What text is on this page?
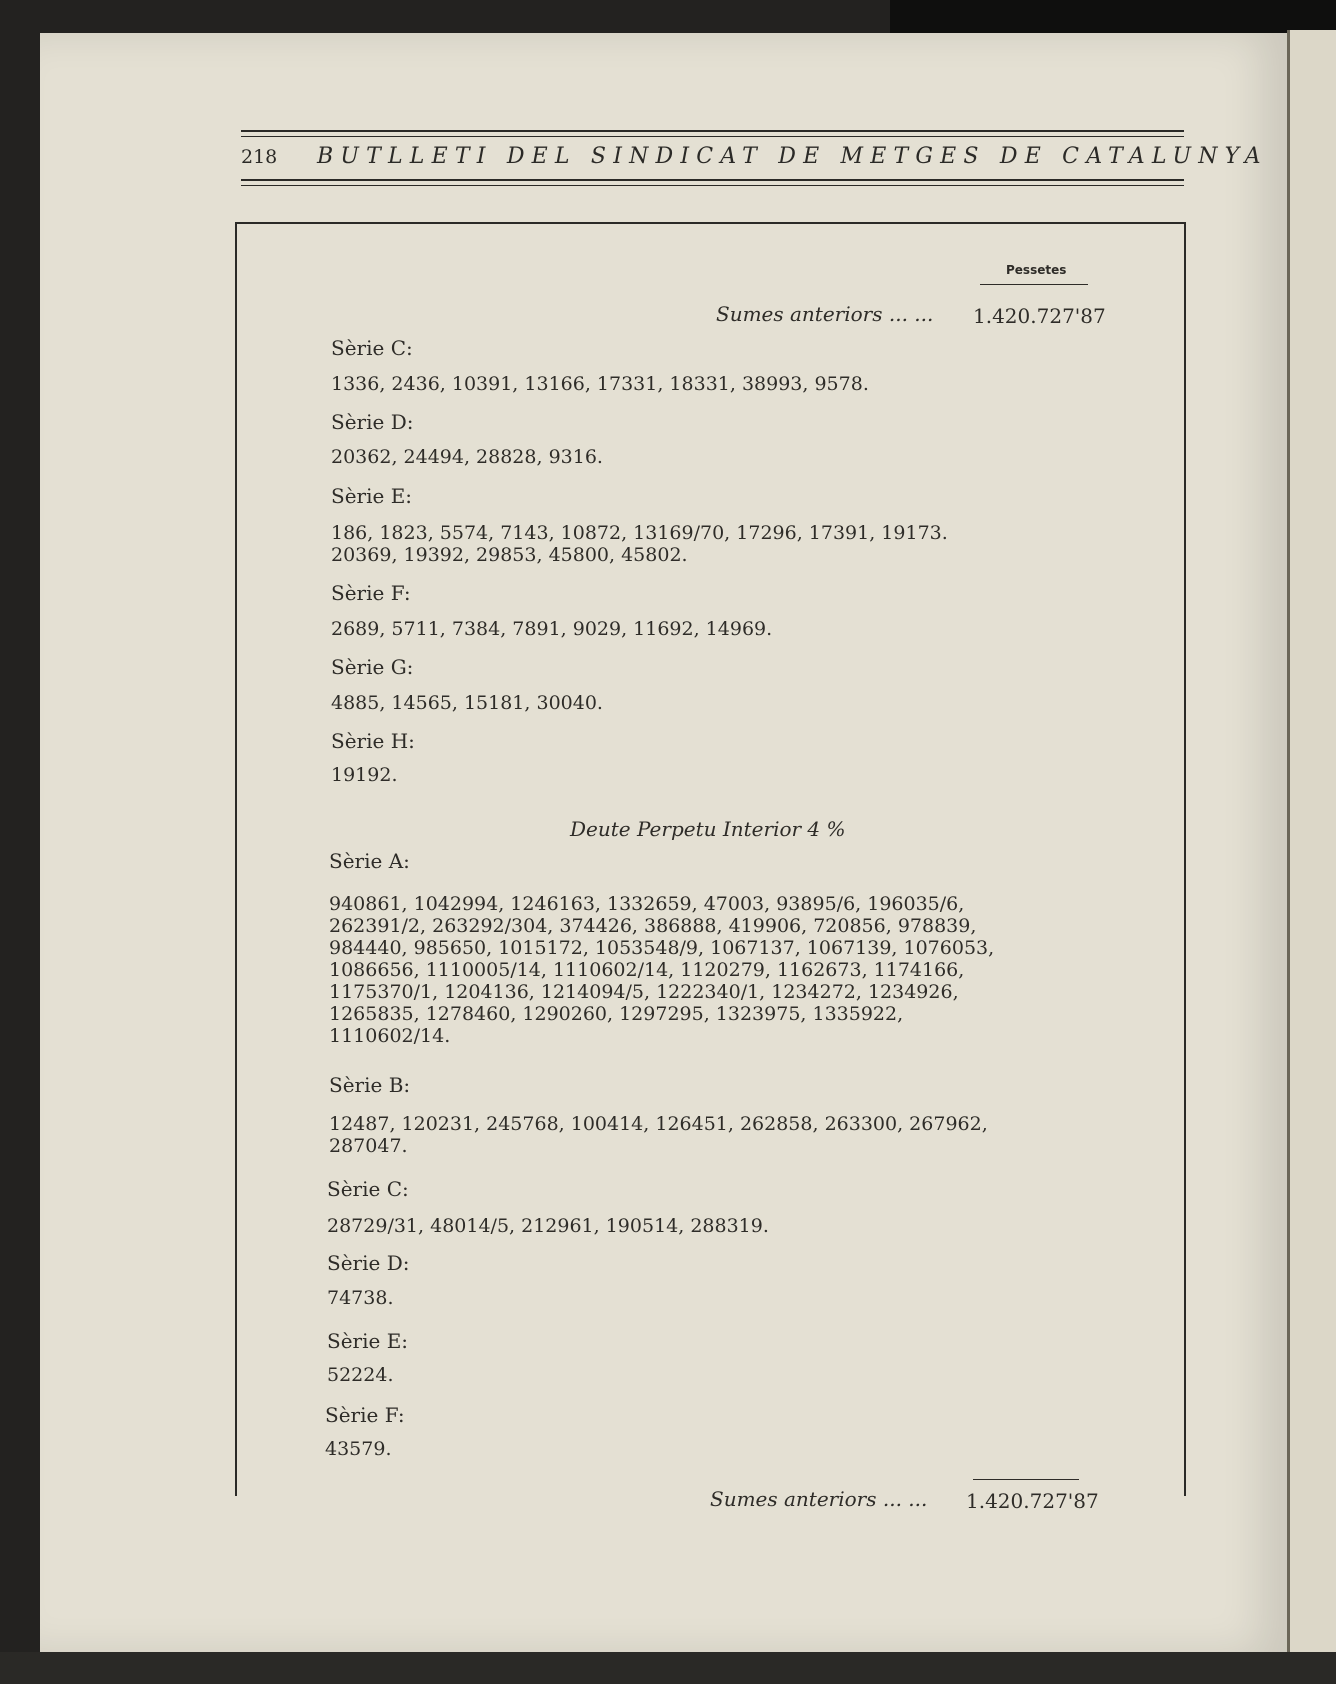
218 BUTLLETI DEL SINDICAT DE METGES DE CATALUNYA
Pessetes
Sumes anteriors ... ... 1.420.727'87
Sèrie C:
1336, 2436, 10391, 13166, 17331, 18331, 38993, 9578.
Sèrie D:
20362, 24494, 28828, 9316.
Sèrie E:
186, 1823, 5574, 7143, 10872, 13169/70, 17296, 17391, 19173.
20369, 19392, 29853, 45800, 45802.
Sèrie F:
2689, 5711, 7384, 7891, 9029, 11692, 14969.
Sèrie G:
4885, 14565, 15181, 30040.
Sèrie H:
19192.
Deute Perpetu Interior 4 %
Sèrie A:
940861, 1042994, 1246163, 1332659, 47003, 93895/6, 196035/6,
262391/2, 263292/304, 374426, 386888, 419906, 720856, 978839,
984440, 985650, 1015172, 1053548/9, 1067137, 1067139, 1076053,
1086656, 1110005/14, 1110602/14, 1120279, 1162673, 1174166,
1175370/1, 1204136, 1214094/5, 1222340/1, 1234272, 1234926,
1265835, 1278460, 1290260, 1297295, 1323975, 1335922,
1110602/14.
Sèrie B:
12487, 120231, 245768, 100414, 126451, 262858, 263300, 267962,
287047.
Sèrie C:
28729/31, 48014/5, 212961, 190514, 288319.
Sèrie D:
74738.
Sèrie E:
52224.
Sèrie F:
43579.
Sumes anteriors ... ... 1.420.727'87
